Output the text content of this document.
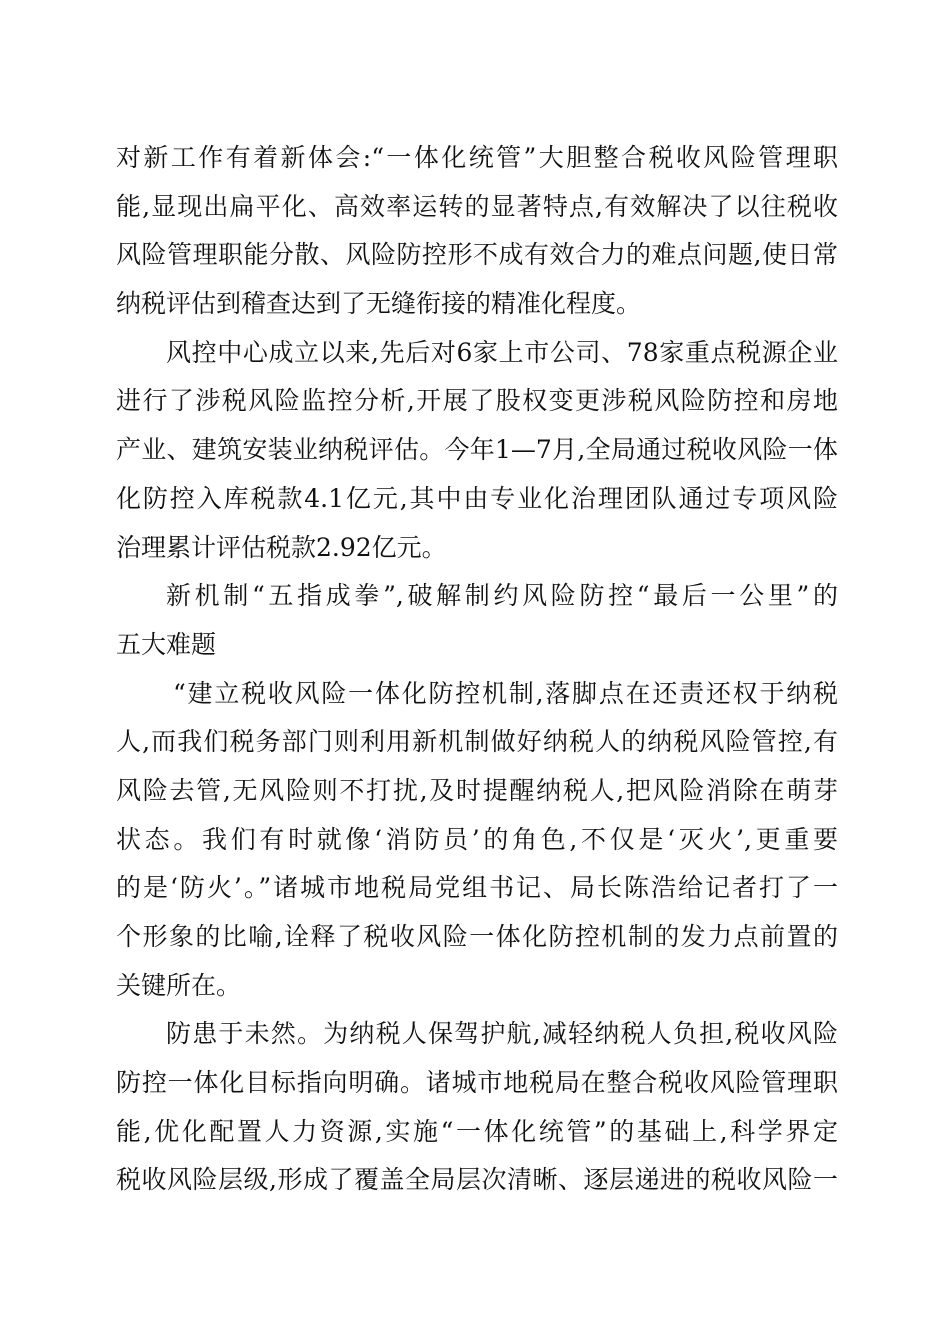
对新工作有着新体会:“一体化统管”大胆整合税收风险管理职
能,显现出扁平化、高效率运转的显著特点,有效解决了以往税收
风险管理职能分散、风险防控形不成有效合力的难点问题,使日常
纳税评估到稽查达到了无缝衔接的精准化程度。
风控中心成立以来,先后对6家上市公司、78家重点税源企业
进行了涉税风险监控分析,开展了股权变更涉税风险防控和房地
产业、建筑安装业纳税评估。今年1—7月,全局通过税收风险一体
化防控入库税款4.1亿元,其中由专业化治理团队通过专项风险
治理累计评估税款2.92亿元。
新机制“五指成拳”,破解制约风险防控“最后一公里”的
五大难题
“建立税收风险一体化防控机制,落脚点在还责还权于纳税
人,而我们税务部门则利用新机制做好纳税人的纳税风险管控,有
风险去管,无风险则不打扰,及时提醒纳税人,把风险消除在萌芽
状态。我们有时就像‘消防员’的角色,不仅是‘灭火’,更重要
的是‘防火’。”诸城市地税局党组书记、局长陈浩给记者打了一
个形象的比喻,诠释了税收风险一体化防控机制的发力点前置的
关键所在。
防患于未然。为纳税人保驾护航,减轻纳税人负担,税收风险
防控一体化目标指向明确。诸城市地税局在整合税收风险管理职
能,优化配置人力资源,实施“一体化统管”的基础上,科学界定
税收风险层级,形成了覆盖全局层次清晰、逐层递进的税收风险一
